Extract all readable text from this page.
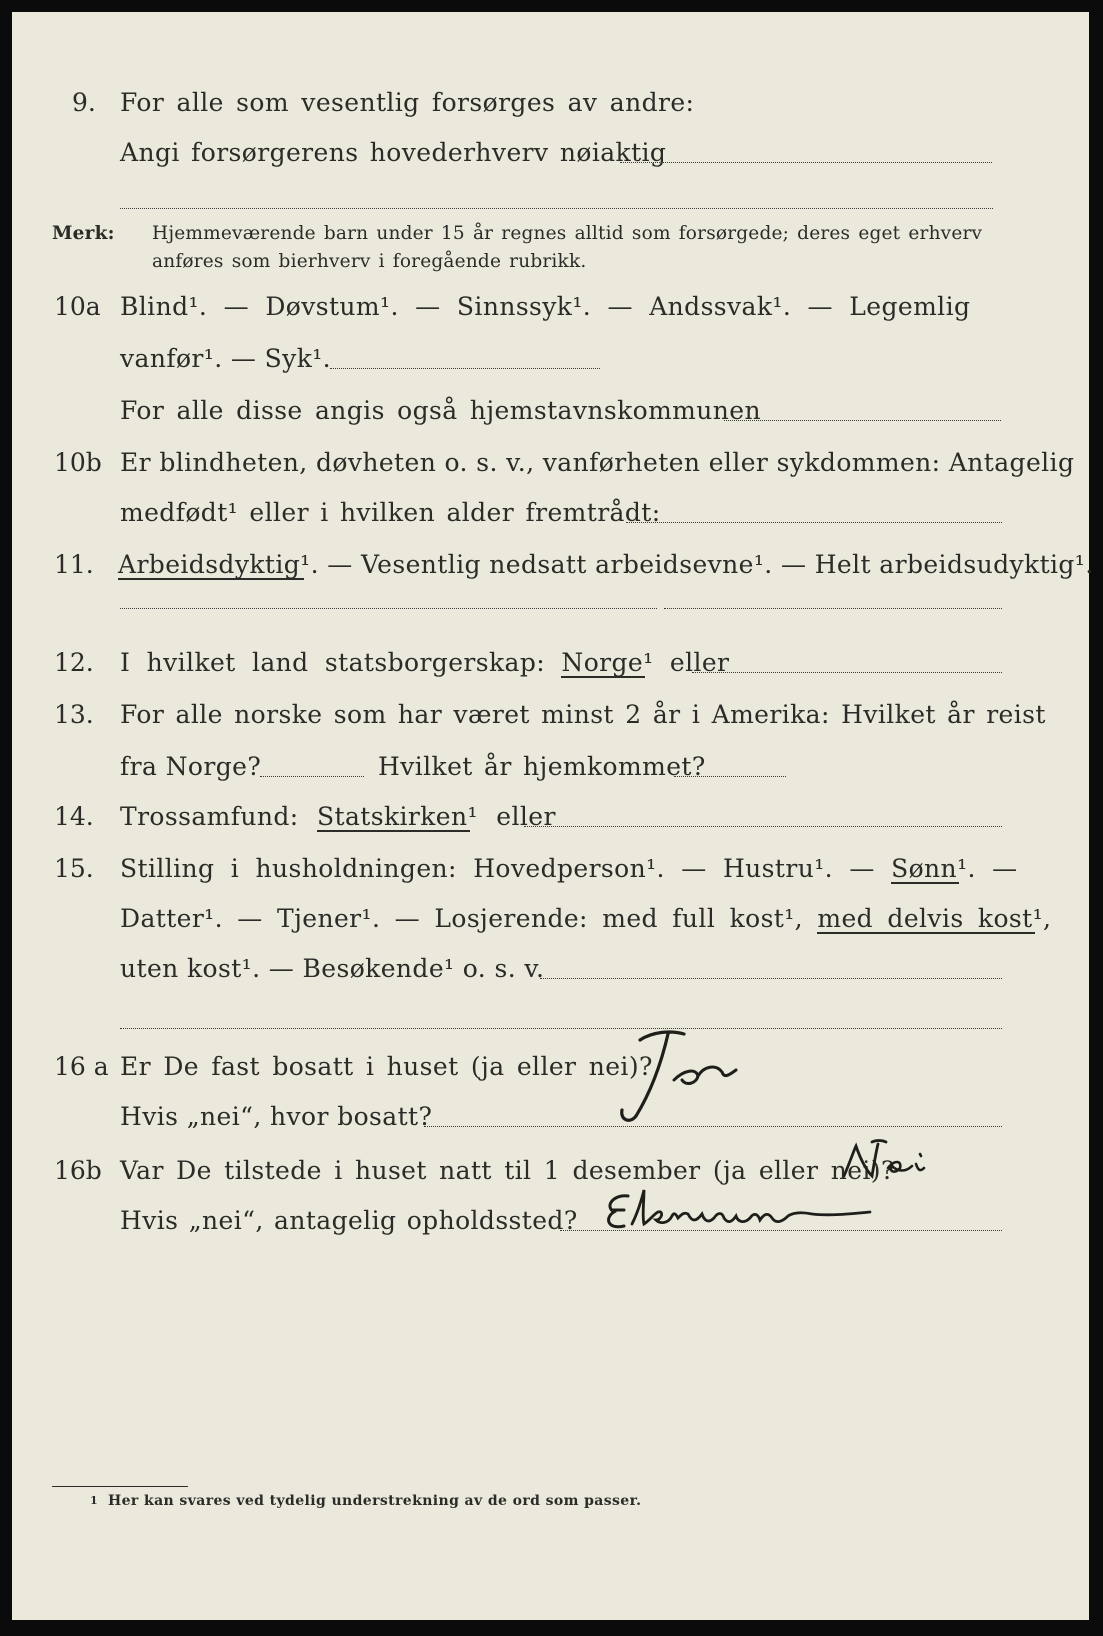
9. For alle som vesentlig forsørges av andre:
Angi forsørgerens hovederhverv nøiaktig
Merk: Hjemmeværende barn under 15 år regnes alltid som forsørgede; deres eget erhverv
anføres som bierhverv i foregående rubrikk.
10a Blind¹. — Døvstum¹. — Sinnssyk¹. — Andssvak¹. — Legemlig
vanfør¹. — Syk¹.
For alle disse angis også hjemstavnskommunen
10b Er blindheten, døvheten o. s. v., vanførheten eller sykdommen: Antagelig
medfødt¹ eller i hvilken alder fremtrådt:
11. Arbeidsdyktig
¹. — Vesentlig nedsatt arbeidsevne¹. — Helt arbeidsudyktig¹.
12. I hvilket land statsborgerskap: Norge
¹ eller
13. For alle norske som har været minst 2 år i Amerika: Hvilket år reist
fra Norge?	Hvilket år hjemkommet?
14. Trossamfund: Statskirken
¹ eller
15. Stilling i husholdningen: Hovedperson¹. — Hustru¹. — Sønn
¹. —
Datter¹. — Tjener¹. — Losjerende: med full kost¹, med delvis kost
¹,
uten kost¹. — Besøkende¹ o. s. v.
16 a Er De fast bosatt i huset (ja eller nei)?
Hvis „nei“, hvor bosatt?
16b Var De tilstede i huset natt til 1 desember (ja eller nei)?
Hvis „nei“, antagelig opholdssted?
1 Her kan svares ved tydelig understrekning av de ord som passer.
